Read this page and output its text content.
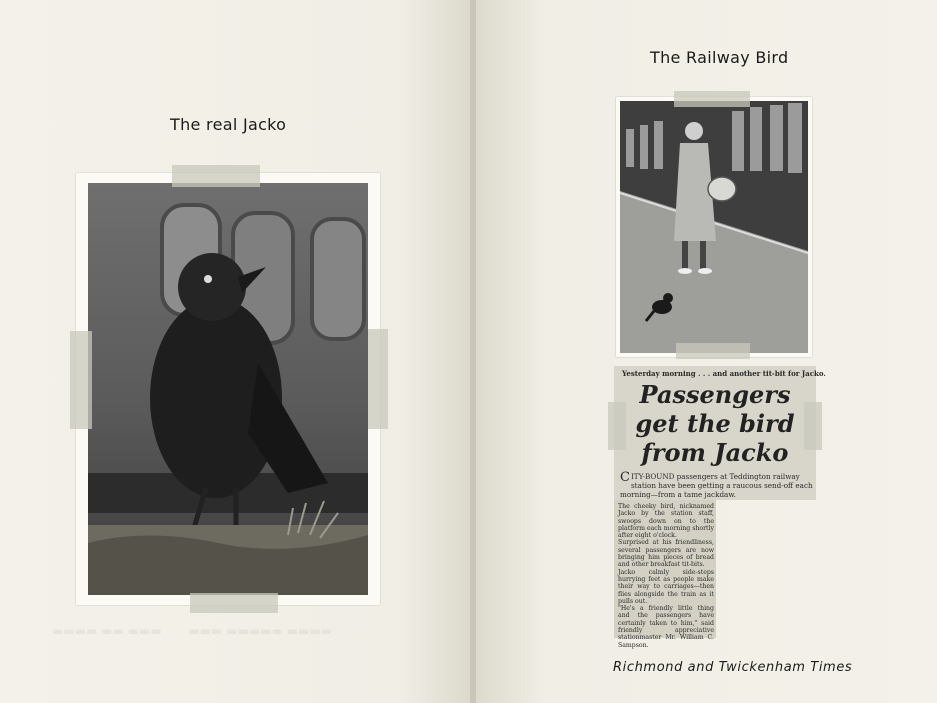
The real Jacko
▬▬▬▬ ▬▬ ▬▬▬       ▬▬▬ ▬▬▬▬▬ ▬▬▬▬
The Railway Bird
Yesterday morning . . . and another tit-bit for Jacko.
Passengers
get the bird
from Jacko
CITY-BOUND passengers at Teddington railway station have been getting a raucous send-off each morning—from a tame jackdaw.

The cheeky bird, nicknamed Jacko by the station staff, swoops down on to the platform each morning shortly after eight o'clock.

Surprised at his friendliness, several passengers are now bringing him pieces of bread and other breakfast tit-bits.

Jacko calmly side-steps hurrying feet as people make their way to carriages—then flies alongside the train as it pulls out.

"He's a friendly little thing and the passengers have certainly taken to him," said friendly appreciative stationmaster Mr. William C. Sampson.

Richmond and Twickenham Times
